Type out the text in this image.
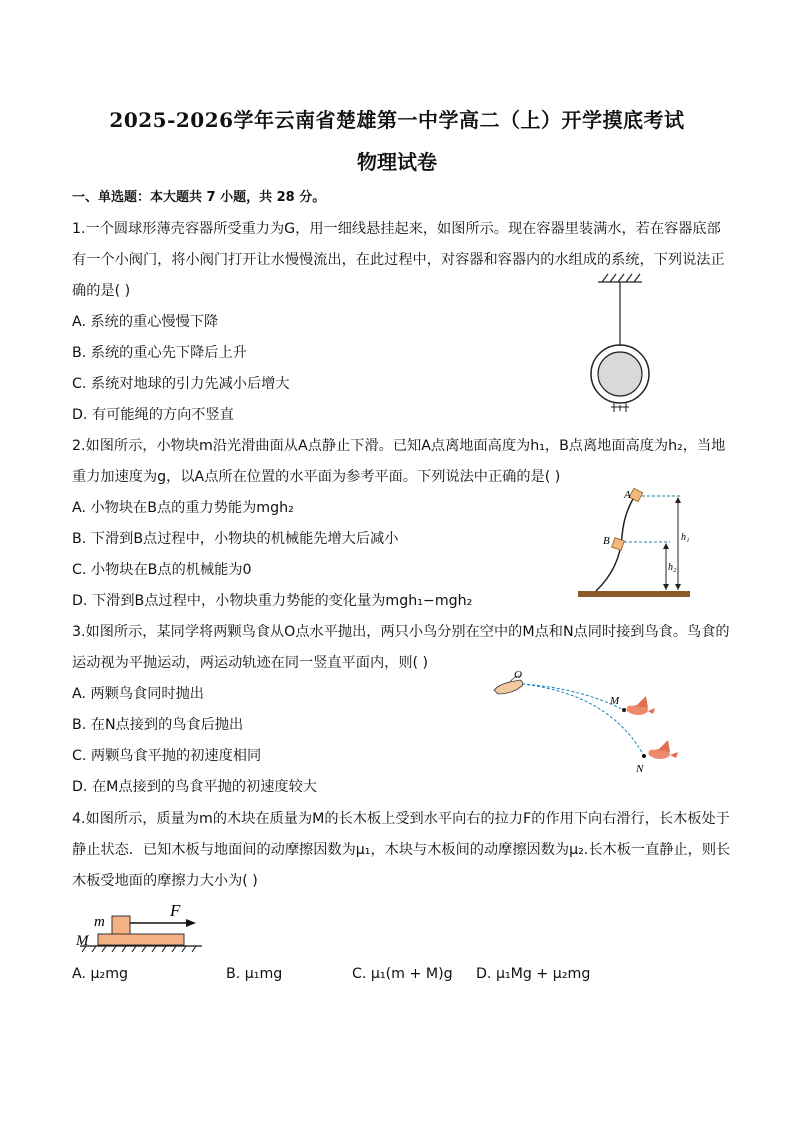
2025-2026学年云南省楚雄第一中学高二（上）开学摸底考试
物理试卷
一、单选题：本大题共 7 小题，共 28 分。
1.一个圆球形薄壳容器所受重力为G，用一细线悬挂起来，如图所示。现在容器里装满水，若在容器底部
有一个小阀门，将小阀门打开让水慢慢流出，在此过程中，对容器和容器内的水组成的系统，下列说法正
确的是( )
A. 系统的重心慢慢下降
B. 系统的重心先下降后上升
C. 系统对地球的引力先减小后增大
D. 有可能绳的方向不竖直
2.如图所示，小物块m沿光滑曲面从A点静止下滑。已知A点离地面高度为h₁，B点离地面高度为h₂，当地
重力加速度为g，以A点所在位置的水平面为参考平面。下列说法中正确的是( )
A. 小物块在B点的重力势能为mgh₂
B. 下滑到B点过程中，小物块的机械能先增大后减小
C. 小物块在B点的机械能为0
D. 下滑到B点过程中，小物块重力势能的变化量为mgh₁−mgh₂
A
B	h₁
h₂
3.如图所示，某同学将两颗鸟食从O点水平抛出，两只小鸟分别在空中的M点和N点同时接到鸟食。鸟食的
运动视为平抛运动，两运动轨迹在同一竖直平面内，则( )
A. 两颗鸟食同时抛出
B. 在N点接到的鸟食后抛出
C. 两颗鸟食平抛的初速度相同
D. 在M点接到的鸟食平抛的初速度较大
O
M
N
4.如图所示，质量为m的木块在质量为M的长木板上受到水平向右的拉力F的作用下向右滑行，长木板处于
静止状态．已知木板与地面间的动摩擦因数为μ₁，木块与木板间的动摩擦因数为μ₂.长木板一直静止，则长
木板受地面的摩擦力大小为( )
m
M
F
A. μ₂mg	B. μ₁mg	C. μ₁(m + M)g D. μ₁Mg + μ₂mg
